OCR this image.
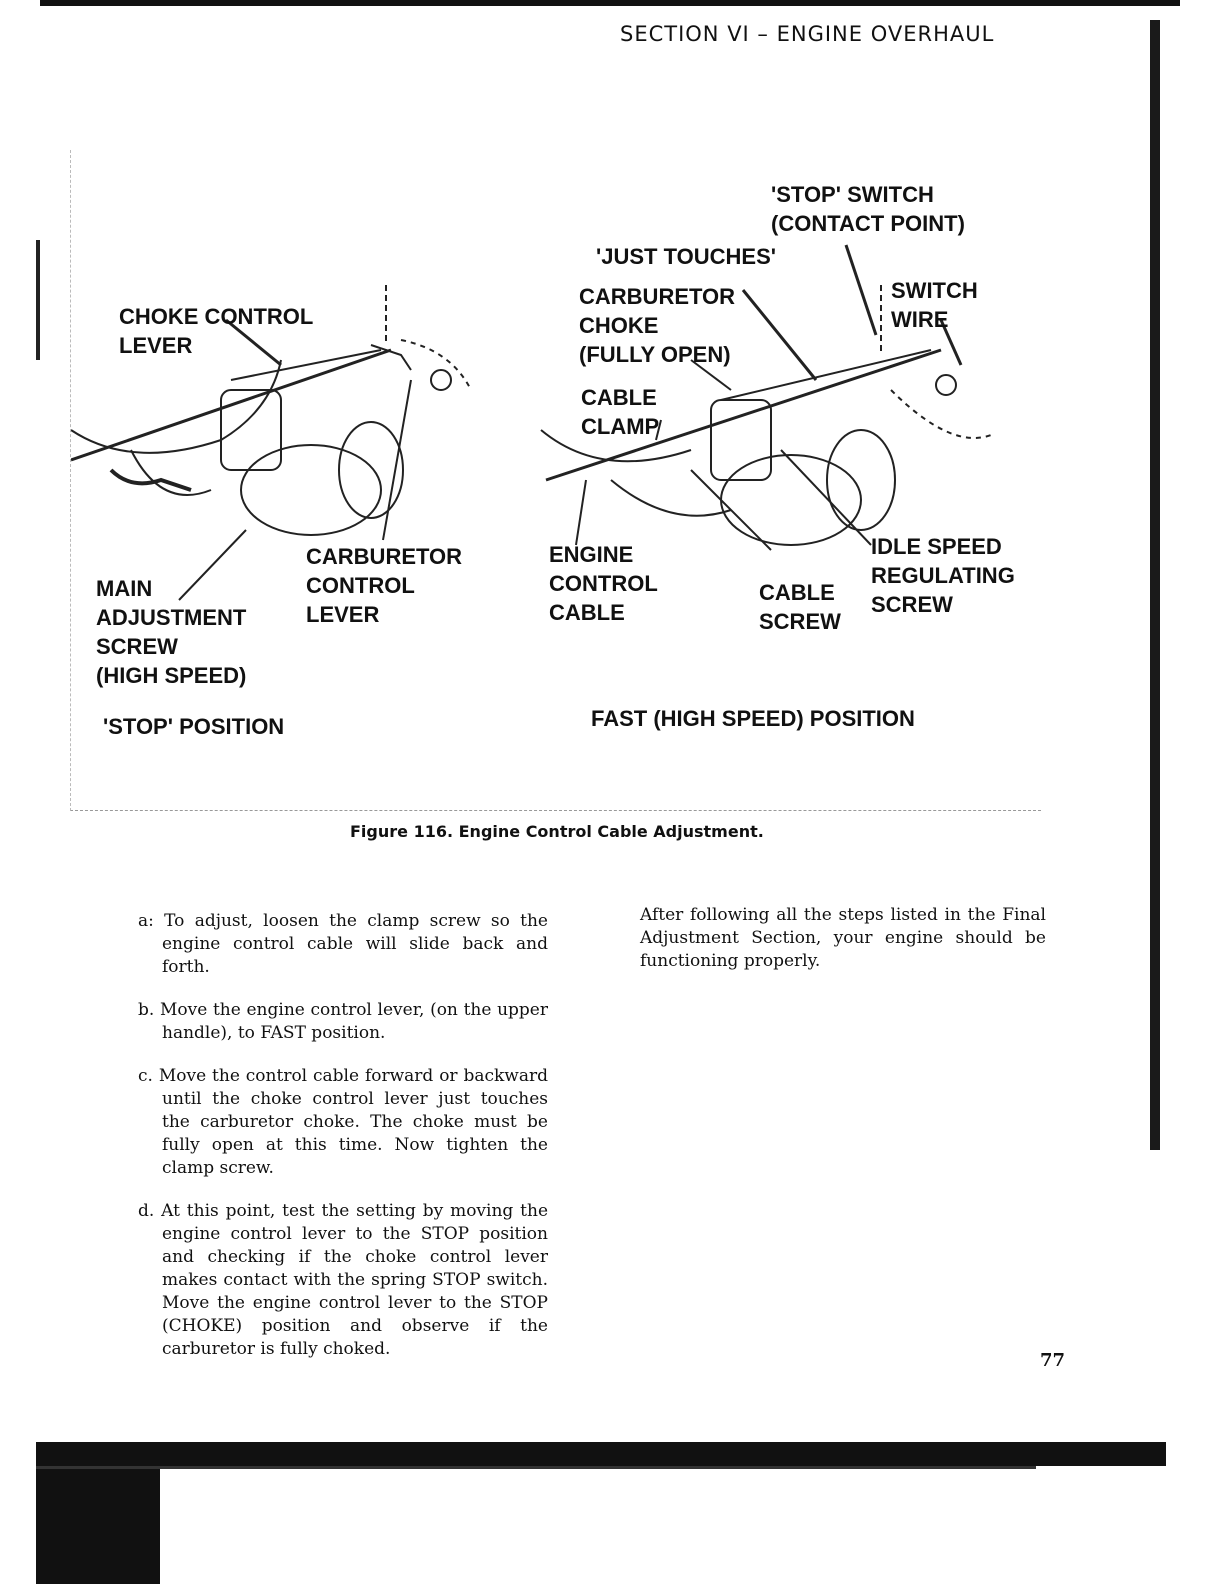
SECTION VI – ENGINE OVERHAUL
CHOKE CONTROL
LEVER
CARBURETOR
CONTROL
LEVER
MAIN
ADJUSTMENT
SCREW
(HIGH SPEED)
'STOP' POSITION
'STOP' SWITCH
(CONTACT POINT)
'JUST TOUCHES'
CARBURETOR
CHOKE
(FULLY OPEN)
SWITCH
WIRE
CABLE
CLAMP
ENGINE
CONTROL
CABLE
CABLE
SCREW
IDLE SPEED
REGULATING
SCREW
FAST (HIGH SPEED) POSITION
Figure 116. Engine Control Cable Adjustment.

a: To adjust, loosen the clamp screw so the engine control cable will slide back and forth.

b. Move the engine control lever, (on the upper handle), to FAST position.

c. Move the control cable forward or backward until the choke control lever just touches the carburetor choke. The choke must be fully open at this time. Now tighten the clamp screw.

d. At this point, test the setting by moving the engine control lever to the STOP position and checking if the choke control lever makes contact with the spring STOP switch. Move the engine control lever to the STOP (CHOKE) position and observe if the carburetor is fully choked.

After following all the steps listed in the Final Adjustment Section, your engine should be functioning properly.

77
